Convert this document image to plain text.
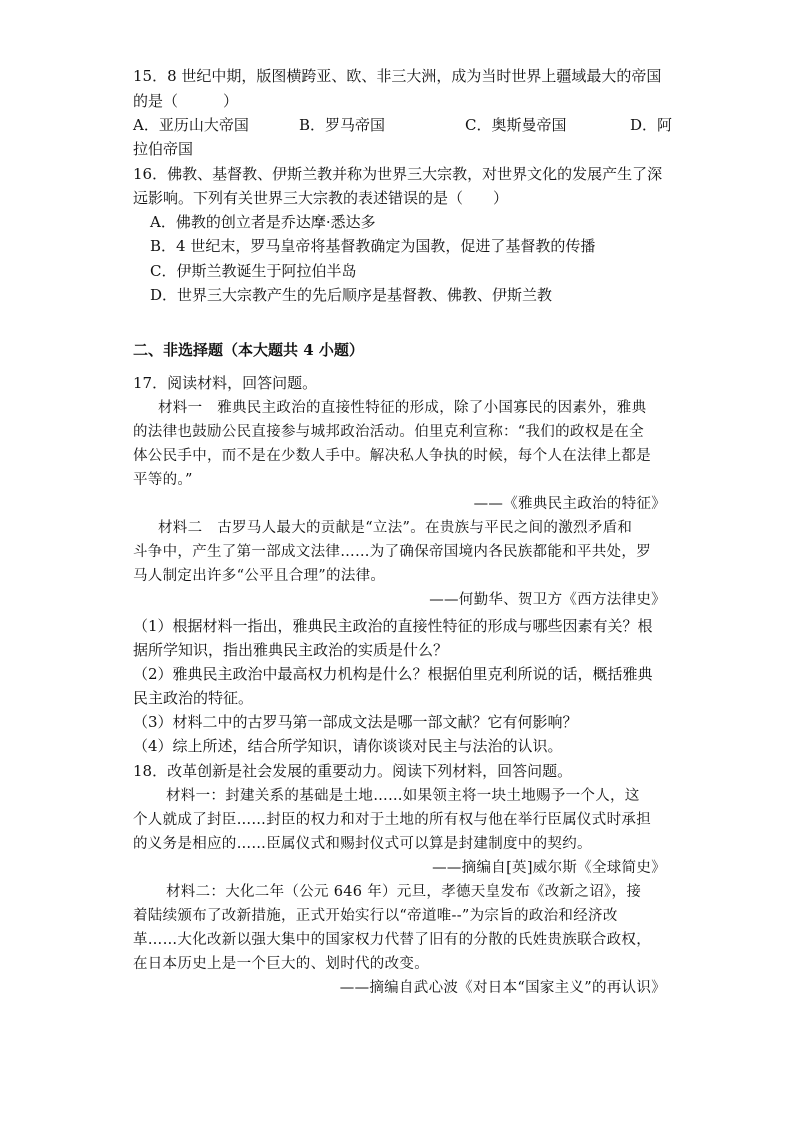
15．8 世纪中期，版图横跨亚、欧、非三大洲，成为当时世界上疆域最大的帝国
的是（　　　）
A．亚历山大帝国	B．罗马帝国	C．奥斯曼帝国	D．阿
拉伯帝国
16．佛教、基督教、伊斯兰教并称为世界三大宗教，对世界文化的发展产生了深
远影响。下列有关世界三大宗教的表述错误的是（　　）
A．佛教的创立者是乔达摩·悉达多
B．4 世纪末，罗马皇帝将基督教确定为国教，促进了基督教的传播
C．伊斯兰教诞生于阿拉伯半岛
D．世界三大宗教产生的先后顺序是基督教、佛教、伊斯兰教
二、非选择题（本大题共 4 小题）
17．阅读材料，回答问题。
材料一　雅典民主政治的直接性特征的形成，除了小国寡民的因素外，雅典
的法律也鼓励公民直接参与城邦政治活动。伯里克利宣称：“我们的政权是在全
体公民手中，而不是在少数人手中。解决私人争执的时候，每个人在法律上都是
平等的。”
——《雅典民主政治的特征》
材料二　古罗马人最大的贡献是“立法”。在贵族与平民之间的激烈矛盾和
斗争中，产生了第一部成文法律……为了确保帝国境内各民族都能和平共处，罗
马人制定出许多“公平且合理”的法律。
——何勤华、贺卫方《西方法律史》
（1）根据材料一指出，雅典民主政治的直接性特征的形成与哪些因素有关？根
据所学知识，指出雅典民主政治的实质是什么？
（2）雅典民主政治中最高权力机构是什么？根据伯里克利所说的话，概括雅典
民主政治的特征。
（3）材料二中的古罗马第一部成文法是哪一部文献？它有何影响？
（4）综上所述，结合所学知识，请你谈谈对民主与法治的认识。
18．改革创新是社会发展的重要动力。阅读下列材料，回答问题。
材料一：封建关系的基础是土地……如果领主将一块土地赐予一个人，这
个人就成了封臣……封臣的权力和对于土地的所有权与他在举行臣属仪式时承担
的义务是相应的……臣属仪式和赐封仪式可以算是封建制度中的契约。
——摘编自[英]威尔斯《全球简史》
材料二：大化二年（公元 646 年）元旦，孝德天皇发布《改新之诏》，接
着陆续颁布了改新措施，正式开始实行以“帝道唯--”为宗旨的政治和经济改
革……大化改新以强大集中的国家权力代替了旧有的分散的氏姓贵族联合政权，
在日本历史上是一个巨大的、划时代的改变。
——摘编自武心波《对日本“国家主义”的再认识》
